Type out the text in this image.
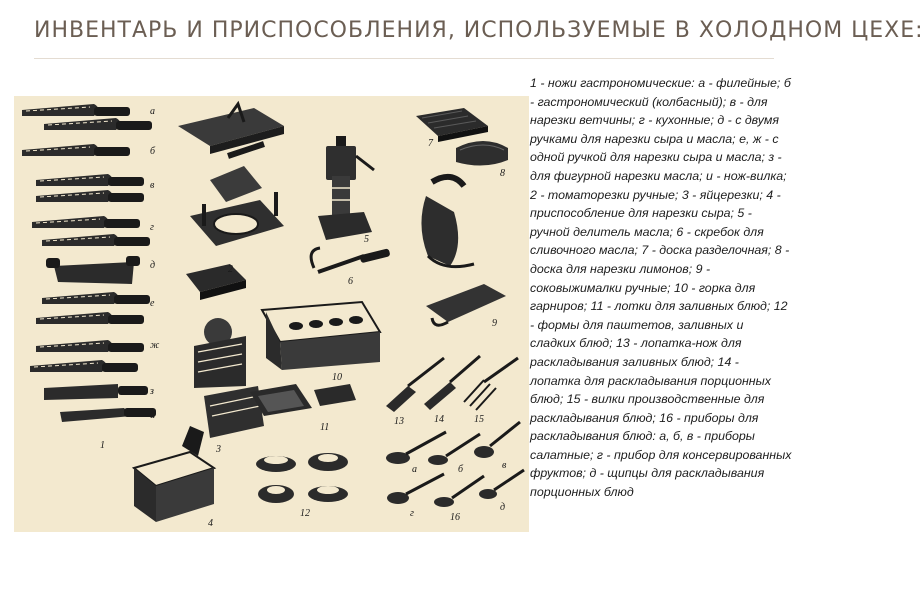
ИНВЕНТАРЬ И ПРИСПОСОБЛЕНИЯ, ИСПОЛЬЗУЕМЫЕ В ХОЛОДНОМ ЦЕХЕ:
а
б
в
г
д
е
ж
з
и
1
2
3
4
5
6
7
8
9
10
11
12
13	14	15
16
а	б	в
г
д
1 - ножи гастрономические: а - филейные; б - гастрономический (колбасный); в - для нарезки ветчины; г - кухонные; д - с двумя ручками для нарезки сыра и масла; е, ж - с одной ручкой для нарезки сыра и масла; з - для фигурной нарезки масла; и - нож-вилка; 2 - томаторезки ручные; 3 - яйцерезки; 4 - приспособление для нарезки сыра; 5 - ручной делитель масла; 6 - скребок для сливочного масла; 7 - доска разделочная; 8 - доска для нарезки лимонов; 9 - соковыжималки ручные; 10 - горка для гарниров; 11 - лотки для заливных блюд; 12 - формы для паштетов, заливных и сладких блюд; 13 - лопатка-нож для раскладывания заливных блюд; 14 - лопатка для раскладывания порционных блюд; 15 - вилки производственные для раскладывания блюд; 16 - приборы для раскладывания блюд: а, б, в - приборы салатные; г - прибор для консервированных фруктов; д - щипцы для раскладывания порционных блюд
